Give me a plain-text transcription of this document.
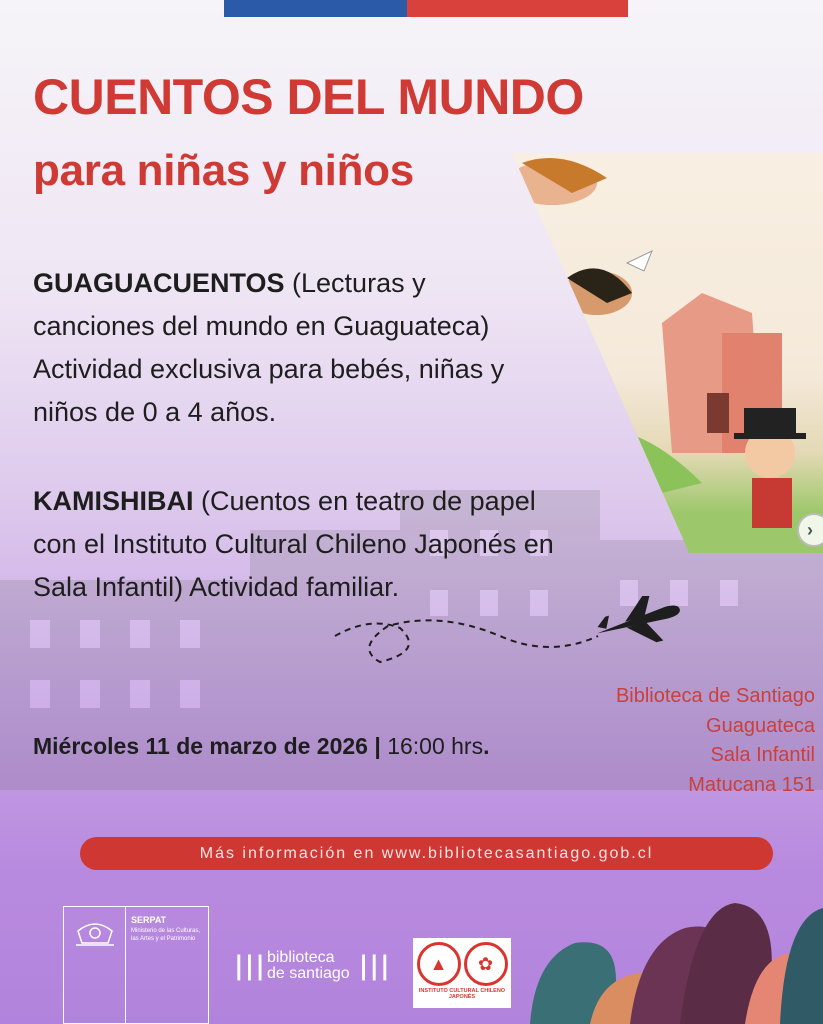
CUENTOS DEL MUNDO
para niñas y niños
GUAGUACUENTOS (Lecturas y canciones del mundo en Guaguateca) Actividad exclusiva para bebés, niñas y niños de 0 a 4 años.
KAMISHIBAI (Cuentos en teatro de papel con el Instituto Cultural Chileno Japonés en Sala Infantil) Actividad familiar.
Miércoles 11 de marzo de 2026 | 16:00 hrs.
›
Biblioteca de Santiago
Guaguateca
Sala Infantil
Matucana 151
Más información en www.bibliotecasantiago.gob.cl
SERPAT
Ministerio de las Culturas, las Artes y el Patrimonio
||| biblioteca
de santiago |||	▲	✿
INSTITUTO CULTURAL CHILENO JAPONÉS
